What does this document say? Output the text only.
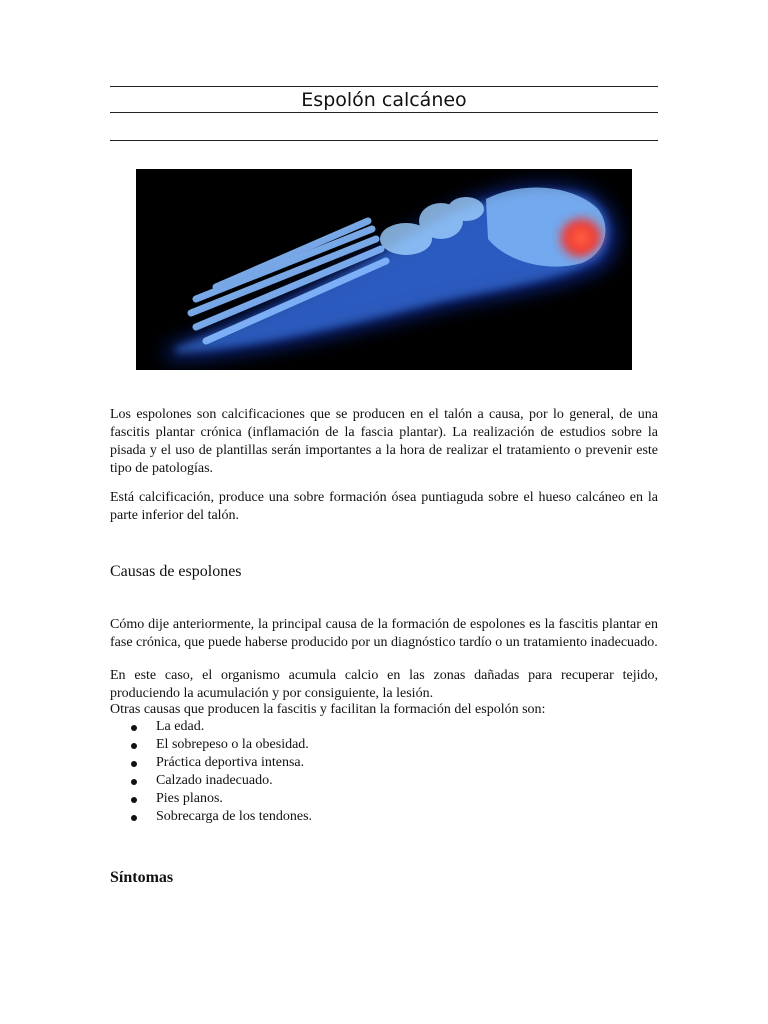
Espolón calcáneo

Los espolones son calcificaciones que se producen en el talón a causa, por lo general, de una fascitis plantar crónica (inflamación de la fascia plantar). La realización de estudios sobre la pisada y el uso de plantillas serán importantes a la hora de realizar el tratamiento o prevenir este tipo de patologías.

Está calcificación, produce una sobre formación ósea puntiaguda sobre el hueso calcáneo en la parte inferior del talón.

Causas de espolones

Cómo dije anteriormente, la principal causa de la formación de espolones es la fascitis plantar en fase crónica, que puede haberse producido por un diagnóstico tardío o un tratamiento inadecuado.

En este caso, el organismo acumula calcio en las zonas dañadas para recuperar tejido, produciendo la acumulación y por consiguiente, la lesión.

Otras causas que producen la fascitis y facilitan la formación del espolón son:

La edad.
El sobrepeso o la obesidad.
Práctica deportiva intensa.
Calzado inadecuado.
Pies planos.
Sobrecarga de los tendones.
Síntomas
